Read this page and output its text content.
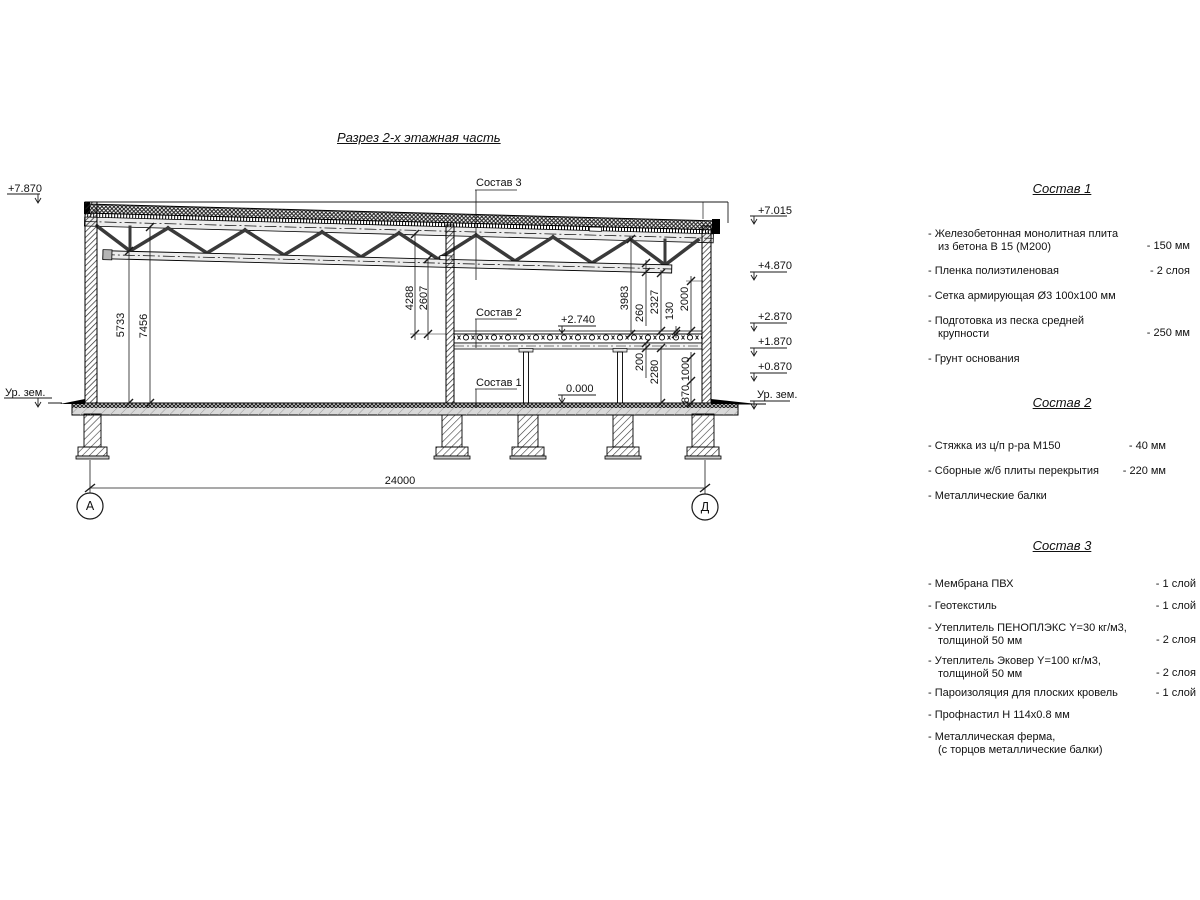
Разрез 2-х этажная часть
Состав 3
Состав 2
Состав 1
+7.870
Ур. зем.
+7.015
+4.870
+2.870
+1.870
+0.870
Ур. зем.
+2.740
0.000
5733 7456
4288 2607	3983
260 2327 130 2000
200 2280 1000
870
24000
А	Д
Состав 1
- Железобетонная монолитная плита
из бетона В 15 (М200)	- 150 мм
- Пленка полиэтиленовая	- 2 слоя
- Сетка армирующая Ø3 100x100 мм
- Подготовка из песка средней
крупности	- 250 мм
- Грунт основания
Состав 2
- Стяжка из ц/п р-ра М150	- 40 мм
- Сборные ж/б плиты перекрытия	- 220 мм
- Металлические балки
Состав 3
- Мембрана ПВХ	- 1 слой
- Геотекстиль	- 1 слой
- Утеплитель ПЕНОПЛЭКС Y=30 кг/м3,
толщиной 50 мм	- 2 слоя
- Утеплитель Эковер Y=100 кг/м3,
толщиной 50 мм	- 2 слоя
- Пароизоляция для плоских кровель	- 1 слой
- Профнастил Н 114x0.8 мм
- Металлическая ферма,
(с торцов металлические балки)
